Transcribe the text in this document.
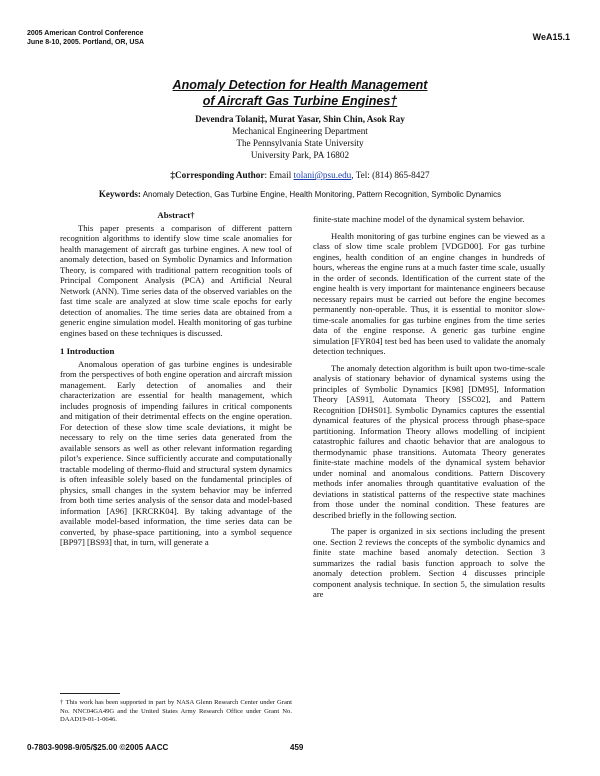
2005 American Control Conference
June 8-10, 2005. Portland, OR, USA
WeA15.1
Anomaly Detection for Health Management
of Aircraft Gas Turbine Engines†
Devendra Tolani‡, Murat Yasar, Shin Chin, Asok Ray
Mechanical Engineering Department
The Pennsylvania State University
University Park, PA 16802
‡Corresponding Author: Email tolani@psu.edu, Tel: (814) 865-8427
Keywords: Anomaly Detection, Gas Turbine Engine, Health Monitoring, Pattern Recognition, Symbolic Dynamics
Abstract†

This paper presents a comparison of different pattern recognition algorithms to identify slow time scale anomalies for health management of aircraft gas turbine engines. A new tool of anomaly detection, based on Symbolic Dynamics and Information Theory, is compared with traditional pattern recognition tools of Principal Component Analysis (PCA) and Artificial Neural Network (ANN). Time series data of the observed variables on the fast time scale are analyzed at slow time scale epochs for early detection of anomalies. The time series data are obtained from a generic engine simulation model. Health monitoring of gas turbine engines based on these techniques is discussed.

1 Introduction

Anomalous operation of gas turbine engines is undesirable from the perspectives of both engine operation and aircraft mission management. Early detection of anomalies and their characterization are essential for health management, which includes prognosis of impending failures in critical components and mitigation of their detrimental effects on the engine operation. For detection of these slow time scale deviations, it might be necessary to rely on the time series data generated from the available sensors as well as other relevant information regarding pilot’s experience. Since sufficiently accurate and computationally tractable modeling of thermo-fluid and structural system dynamics is often infeasible solely based on the fundamental principles of physics, small changes in the system behavior may be inferred from both time series analysis of the sensor data and model-based information [A96] [KRCRK04]. By taking advantage of the available model-based information, the time series data can be converted, by phase-space partitioning, into a symbol sequence [BP97] [BS93] that, in turn, will generate a

finite-state machine model of the dynamical system behavior.

Health monitoring of gas turbine engines can be viewed as a class of slow time scale problem [VDGD00]. For gas turbine engines, health condition of an engine changes in hundreds of hours, whereas the engine runs at a much faster time scale, usually in the order of seconds. Identification of the current state of the engine health is very important for maintenance engineers because necessary repairs must be carried out before the engine becomes permanently non-operable. Thus, it is essential to monitor slow-time-scale anomalies for gas turbine engines from the time series data of the engine response. A generic gas turbine engine simulation [FYR04] test bed has been used to validate the anomaly detection techniques.

The anomaly detection algorithm is built upon two-time-scale analysis of stationary behavior of dynamical systems using the principles of Symbolic Dynamics [K98] [DM95], Information Theory [AS91], Automata Theory [SSC02], and Pattern Recognition [DHS01]. Symbolic Dynamics captures the essential dynamical features of the physical process through phase-space partitioning. Information Theory allows modelling of incipient catastrophic failures and chaotic behavior that are analogous to thermodynamic phase transitions. Automata Theory generates finite-state machine models of the dynamical system behavior under nominal and anomalous conditions. Pattern Discovery methods infer anomalies through quantitative evaluation of the deviations in statistical patterns of the respective state machines from those under the nominal condition. These features are described briefly in the following section.

The paper is organized in six sections including the present one. Section 2 reviews the concepts of the symbolic dynamics and finite state machine based anomaly detection. Section 3 summarizes the radial basis function approach to solve the anomaly detection problem. Section 4 discusses principle component analysis technique. In section 5, the simulation results are

† This work has been supported in part by NASA Glenn Research Center under Grant No. NNC04GA49G and the United States Army Research Office under Grant No. DAAD19-01-1-0646.
0-7803-9098-9/05/$25.00 ©2005 AACC	459
